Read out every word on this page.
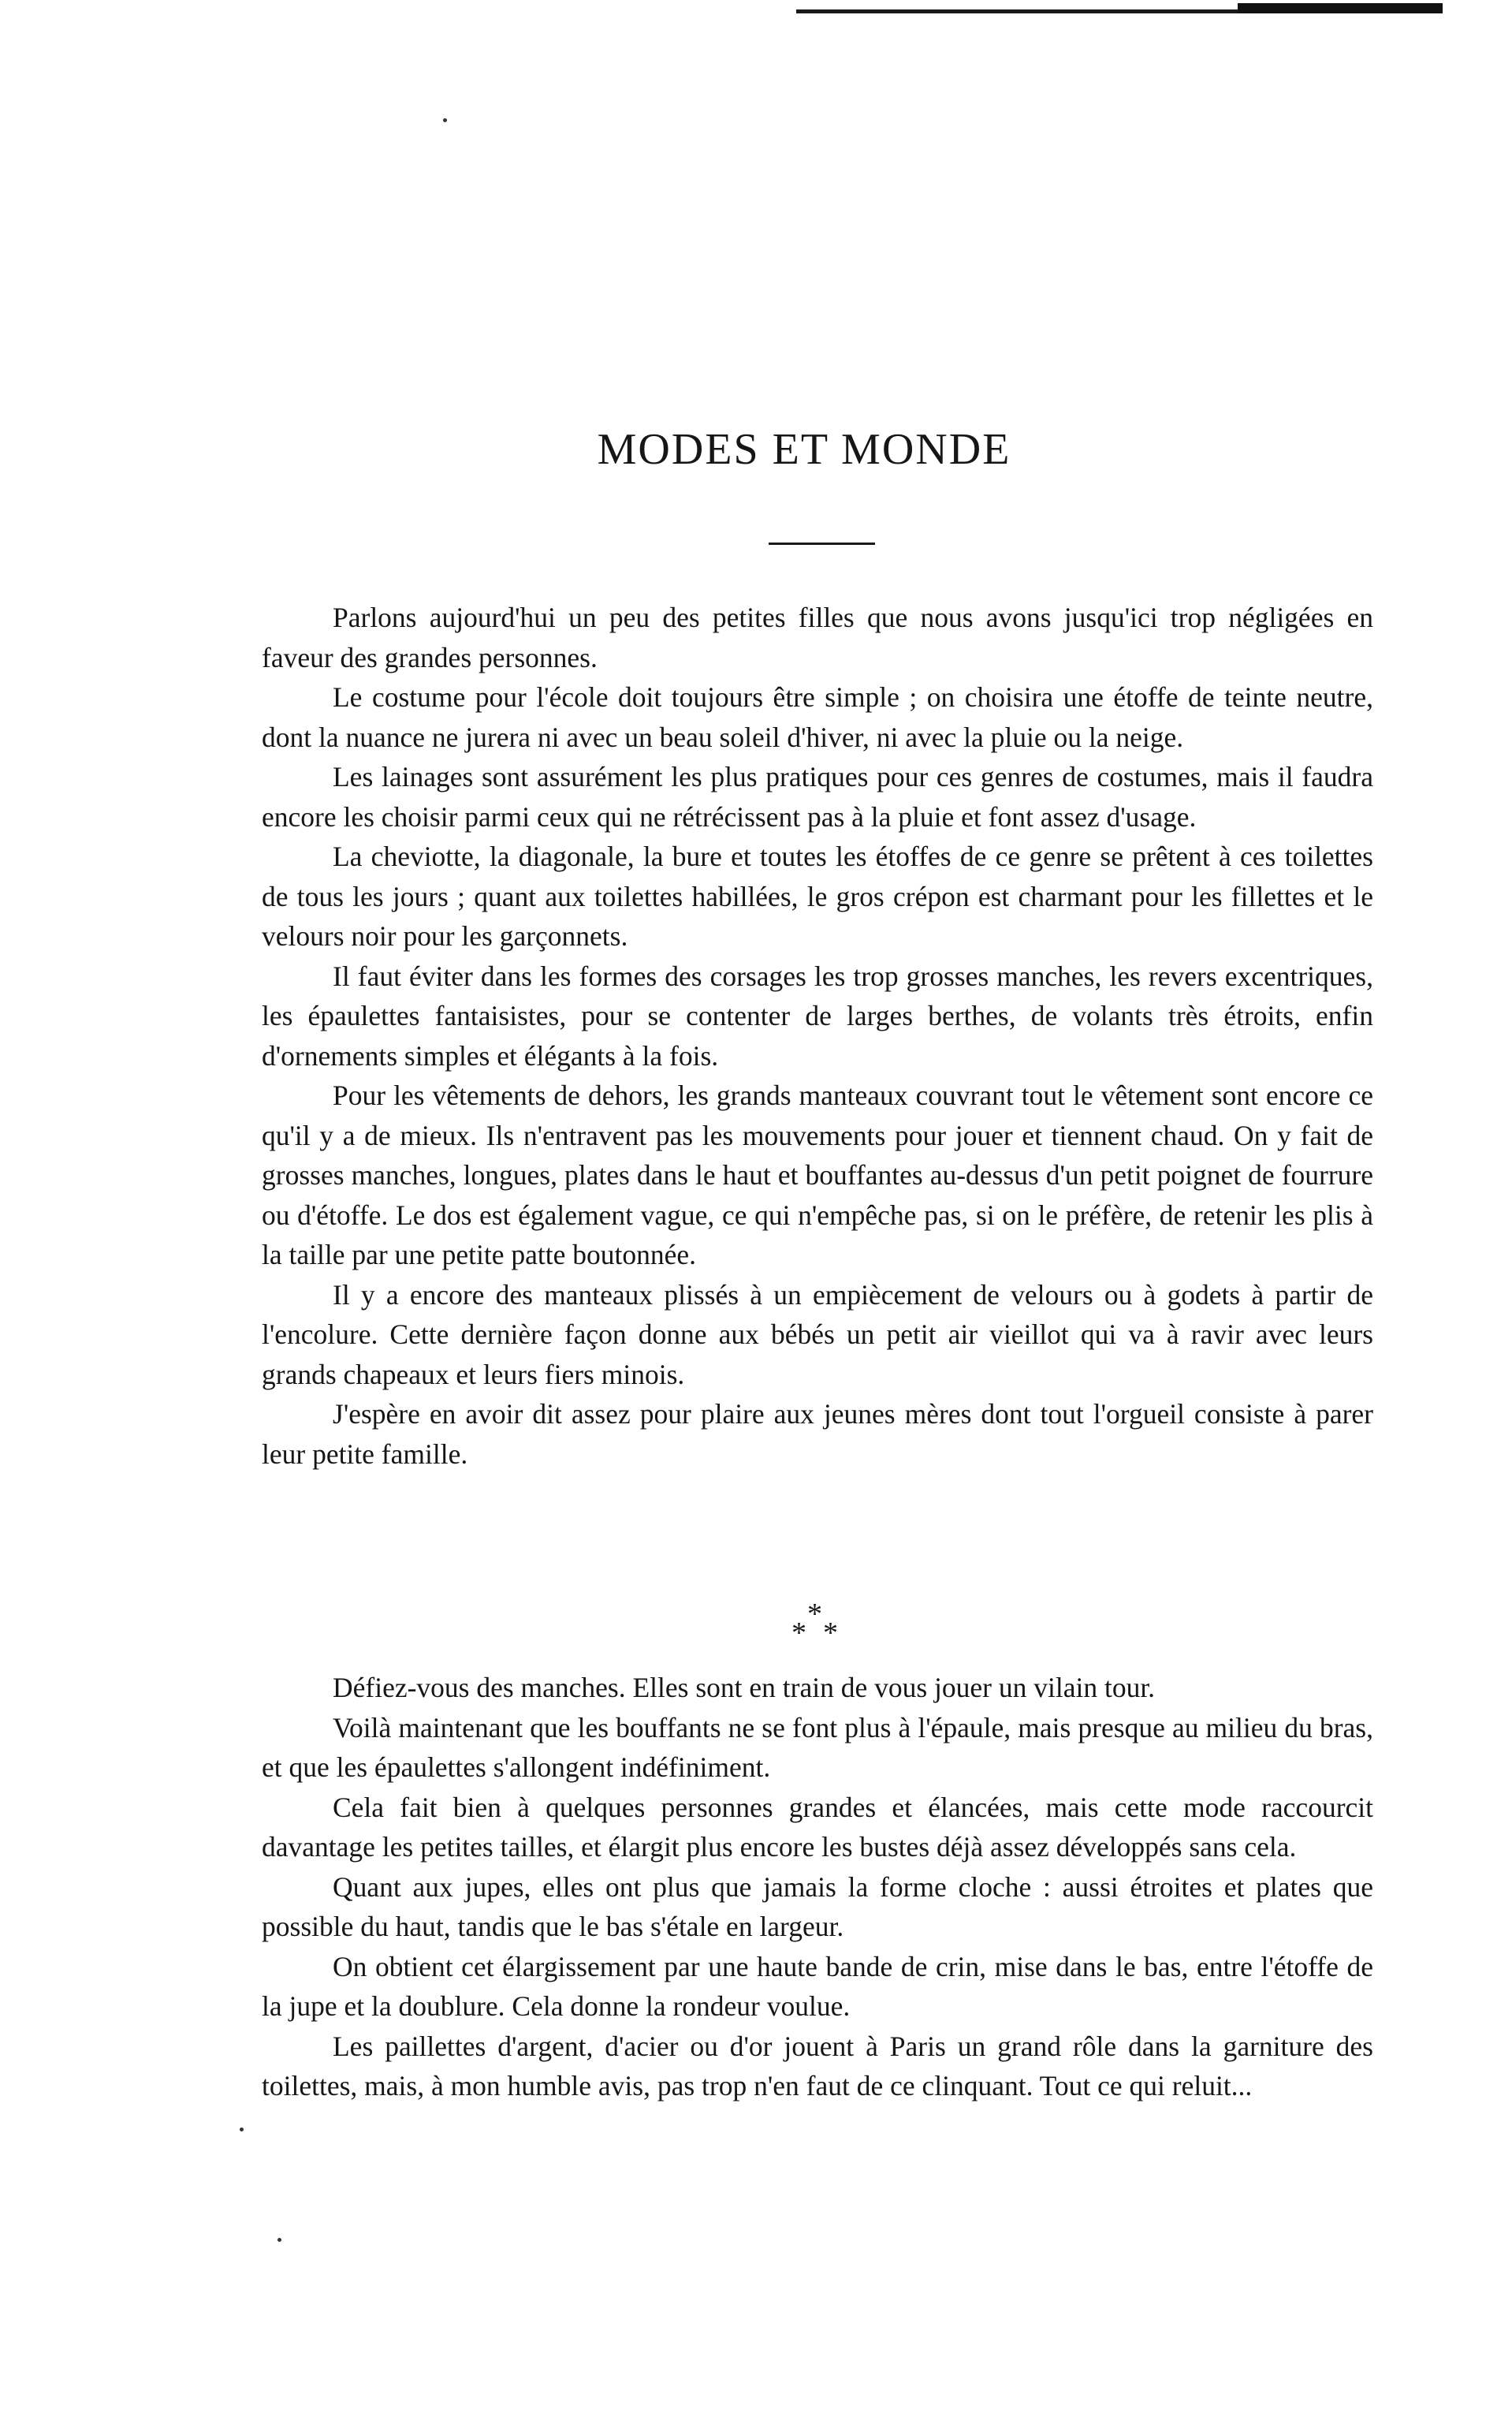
MODES ET MONDE

Parlons aujourd'hui un peu des petites filles que nous avons jusqu'ici trop négligées en faveur des grandes personnes.

Le costume pour l'école doit toujours être simple ; on choisira une étoffe de teinte neutre, dont la nuance ne jurera ni avec un beau soleil d'hiver, ni avec la pluie ou la neige.

Les lainages sont assurément les plus pratiques pour ces genres de costumes, mais il faudra encore les choisir parmi ceux qui ne rétrécissent pas à la pluie et font assez d'usage.

La cheviotte, la diagonale, la bure et toutes les étoffes de ce genre se prêtent à ces toilettes de tous les jours ; quant aux toilettes habillées, le gros crépon est charmant pour les fillettes et le velours noir pour les garçonnets.

Il faut éviter dans les formes des corsages les trop grosses manches, les revers excentriques, les épaulettes fantaisistes, pour se contenter de larges berthes, de volants très étroits, enfin d'ornements simples et élégants à la fois.

Pour les vêtements de dehors, les grands manteaux couvrant tout le vêtement sont encore ce qu'il y a de mieux. Ils n'entravent pas les mouvements pour jouer et tiennent chaud. On y fait de grosses manches, longues, plates dans le haut et bouffantes au-dessus d'un petit poignet de fourrure ou d'étoffe. Le dos est également vague, ce qui n'empêche pas, si on le préfère, de retenir les plis à la taille par une petite patte boutonnée.

Il y a encore des manteaux plissés à un empiècement de velours ou à godets à partir de l'encolure. Cette dernière façon donne aux bébés un petit air vieillot qui va à ravir avec leurs grands chapeaux et leurs fiers minois.

J'espère en avoir dit assez pour plaire aux jeunes mères dont tout l'orgueil consiste à parer leur petite famille.

*
* *

Défiez-vous des manches. Elles sont en train de vous jouer un vilain tour.

Voilà maintenant que les bouffants ne se font plus à l'épaule, mais presque au milieu du bras, et que les épaulettes s'allongent indéfiniment.

Cela fait bien à quelques personnes grandes et élancées, mais cette mode raccourcit davantage les petites tailles, et élargit plus encore les bustes déjà assez développés sans cela.

Quant aux jupes, elles ont plus que jamais la forme cloche : aussi étroites et plates que possible du haut, tandis que le bas s'étale en largeur.

On obtient cet élargissement par une haute bande de crin, mise dans le bas, entre l'étoffe de la jupe et la doublure. Cela donne la rondeur voulue.

Les paillettes d'argent, d'acier ou d'or jouent à Paris un grand rôle dans la garniture des toilettes, mais, à mon humble avis, pas trop n'en faut de ce clinquant. Tout ce qui reluit...
